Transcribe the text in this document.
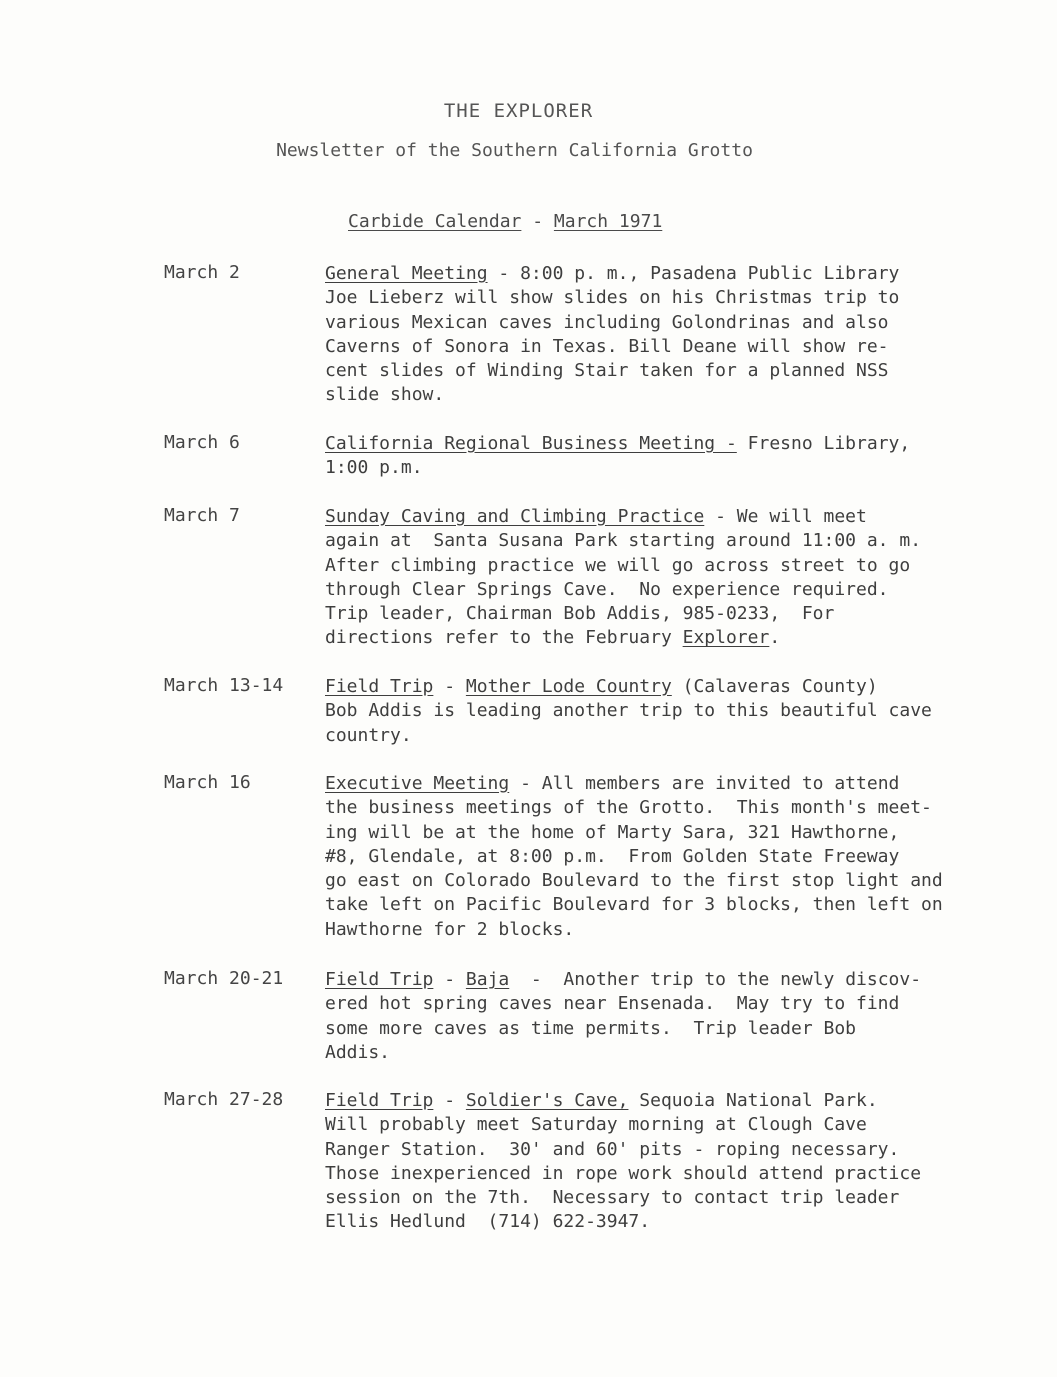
THE EXPLORER
Newsletter of the Southern California Grotto
Carbide Calendar - March 1971
March 2	General Meeting - 8:00 p. m., Pasadena Public Library
Joe Lieberz will show slides on his Christmas trip to
various Mexican caves including Golondrinas and also
Caverns of Sonora in Texas. Bill Deane will show re-
cent slides of Winding Stair taken for a planned NSS
slide show.
March 6	California Regional Business Meeting - Fresno Library,
1:00 p.m.
March 7	Sunday Caving and Climbing Practice - We will meet
again at  Santa Susana Park starting around 11:00 a. m.
After climbing practice we will go across street to go
through Clear Springs Cave.  No experience required.
Trip leader, Chairman Bob Addis, 985-0233,  For
directions refer to the February Explorer.
March 13-14 Field Trip - Mother Lode Country (Calaveras County)
Bob Addis is leading another trip to this beautiful cave
country.
March 16	Executive Meeting - All members are invited to attend
the business meetings of the Grotto.  This month's meet-
ing will be at the home of Marty Sara, 321 Hawthorne,
#8, Glendale, at 8:00 p.m.  From Golden State Freeway
go east on Colorado Boulevard to the first stop light and
take left on Pacific Boulevard for 3 blocks, then left on
Hawthorne for 2 blocks.
March 20-21 Field Trip - Baja  -  Another trip to the newly discov-
ered hot spring caves near Ensenada.  May try to find
some more caves as time permits.  Trip leader Bob
Addis.
March 27-28 Field Trip - Soldier's Cave, Sequoia National Park.
Will probably meet Saturday morning at Clough Cave
Ranger Station.  30' and 60' pits - roping necessary.
Those inexperienced in rope work should attend practice
session on the 7th.  Necessary to contact trip leader
Ellis Hedlund  (714) 622-3947.
